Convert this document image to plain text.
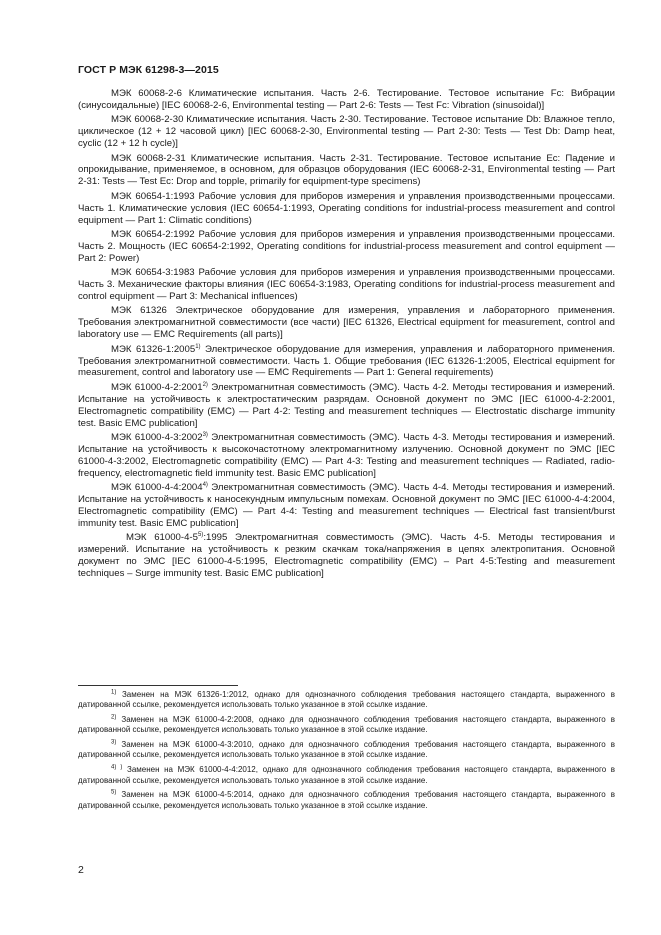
ГОСТ Р МЭК 61298-3—2015

МЭК 60068-2-6 Климатические испытания. Часть 2-6. Тестирование. Тестовое испытание Fc: Вибрации (синусоидальные) [IEC 60068-2-6, Environmental testing — Part 2-6: Tests — Test Fc: Vibration (sinusoidal)]

МЭК 60068-2-30 Климатические испытания. Часть 2-30. Тестирование. Тестовое испытание Db: Влажное тепло, циклическое (12 + 12 часовой цикл) [IEC 60068-2-30, Environmental testing — Part 2-30: Tests — Test Db: Damp heat, cyclic (12 + 12 h cycle)]

МЭК 60068-2-31 Климатические испытания. Часть 2-31. Тестирование. Тестовое испытание Ec: Падение и опрокидывание, применяемое, в основном, для образцов оборудования (IEC 60068-2-31, Environmental testing — Part 2-31: Tests — Test Ec: Drop and topple, primarily for equipment-type specimens)

МЭК 60654-1:1993 Рабочие условия для приборов измерения и управления производственными процессами. Часть 1. Климатические условия (IEC 60654-1:1993, Operating conditions for industrial-process measurement and control equipment — Part 1: Climatic conditions)

МЭК 60654-2:1992 Рабочие условия для приборов измерения и управления производственными процессами. Часть 2. Мощность (IEC 60654-2:1992, Operating conditions for industrial-process measurement and control equipment — Part 2: Power)

МЭК 60654-3:1983 Рабочие условия для приборов измерения и управления производственными процессами. Часть 3. Механические факторы влияния (IEC 60654-3:1983, Operating conditions for industrial-process measurement and control equipment — Part 3: Mechanical influences)

МЭК 61326 Электрическое оборудование для измерения, управления и лабораторного применения. Требования электромагнитной совместимости (все части) [IEC 61326, Electrical equipment for measurement, control and laboratory use — EMC Requirements (all parts)]

МЭК 61326-1:2005$^{1)}$ Электрическое оборудование для измерения, управления и лабораторного применения. Требования электромагнитной совместимости. Часть 1. Общие требования (IEC 61326-1:2005, Electrical equipment for measurement, control and laboratory use — EMC Requirements — Part 1: General requirements)

МЭК 61000-4-2:2001$^{2)}$ Электромагнитная совместимость (ЭМС). Часть 4-2. Методы тестирования и измерений. Испытание на устойчивость к электростатическим разрядам. Основной документ по ЭМС [IEC 61000-4-2:2001, Electromagnetic compatibility (EMC) — Part 4-2: Testing and measurement techniques — Electrostatic discharge immunity test. Basic EMC publication]

МЭК 61000-4-3:2002$^{3)}$ Электромагнитная совместимость (ЭМС). Часть 4-3. Методы тестирования и измерений. Испытание на устойчивость к высокочастотному электромагнитному излучению. Основной документ по ЭМС [IEC 61000-4-3:2002, Electromagnetic compatibility (EMC) — Part 4-3: Testing and measurement techniques — Radiated, radio-frequency, electromagnetic field immunity test. Basic EMC publication]

МЭК 61000-4-4:2004$^{4)}$ Электромагнитная совместимость (ЭМС). Часть 4-4. Методы тестирования и измерений. Испытание на устойчивость к наносекундным импульсным помехам. Основной документ по ЭМС [IEC 61000-4-4:2004, Electromagnetic compatibility (EMC) — Part 4-4: Testing and measurement techniques — Electrical fast transient/burst immunity test. Basic EMC publication]

МЭК 61000-4-5$^{5)}$:1995 Электромагнитная совместимость (ЭМС). Часть 4-5. Методы тестирования и измерений. Испытание на устойчивость к резким скачкам тока/напряжения в цепях электропитания. Основной документ по ЭМС [IEC 61000-4-5:1995, Electromagnetic compatibility (EMC) – Part 4-5:Testing and measurement techniques – Surge immunity test. Basic EMC publication]

$^{1)}$ Заменен на МЭК 61326-1:2012, однако для однозначного соблюдения требования настоящего стандарта, выраженного в датированной ссылке, рекомендуется использовать только указанное в этой ссылке издание.

$^{2)}$ Заменен на МЭК 61000-4-2:2008, однако для однозначного соблюдения требования настоящего стандарта, выраженного в датированной ссылке, рекомендуется использовать только указанное в этой ссылке издание.

$^{3)}$ Заменен на МЭК 61000-4-3:2010, однако для однозначного соблюдения требования настоящего стандарта, выраженного в датированной ссылке, рекомендуется использовать только указанное в этой ссылке издание.

$^{4) )}$ Заменен на МЭК 61000-4-4:2012, однако для однозначного соблюдения требования настоящего стандарта, выраженного в датированной ссылке, рекомендуется использовать только указанное в этой ссылке издание.

$^{5)}$ Заменен на МЭК 61000-4-5:2014, однако для однозначного соблюдения требования настоящего стандарта, выраженного в датированной ссылке, рекомендуется использовать только указанное в этой ссылке издание.

2
